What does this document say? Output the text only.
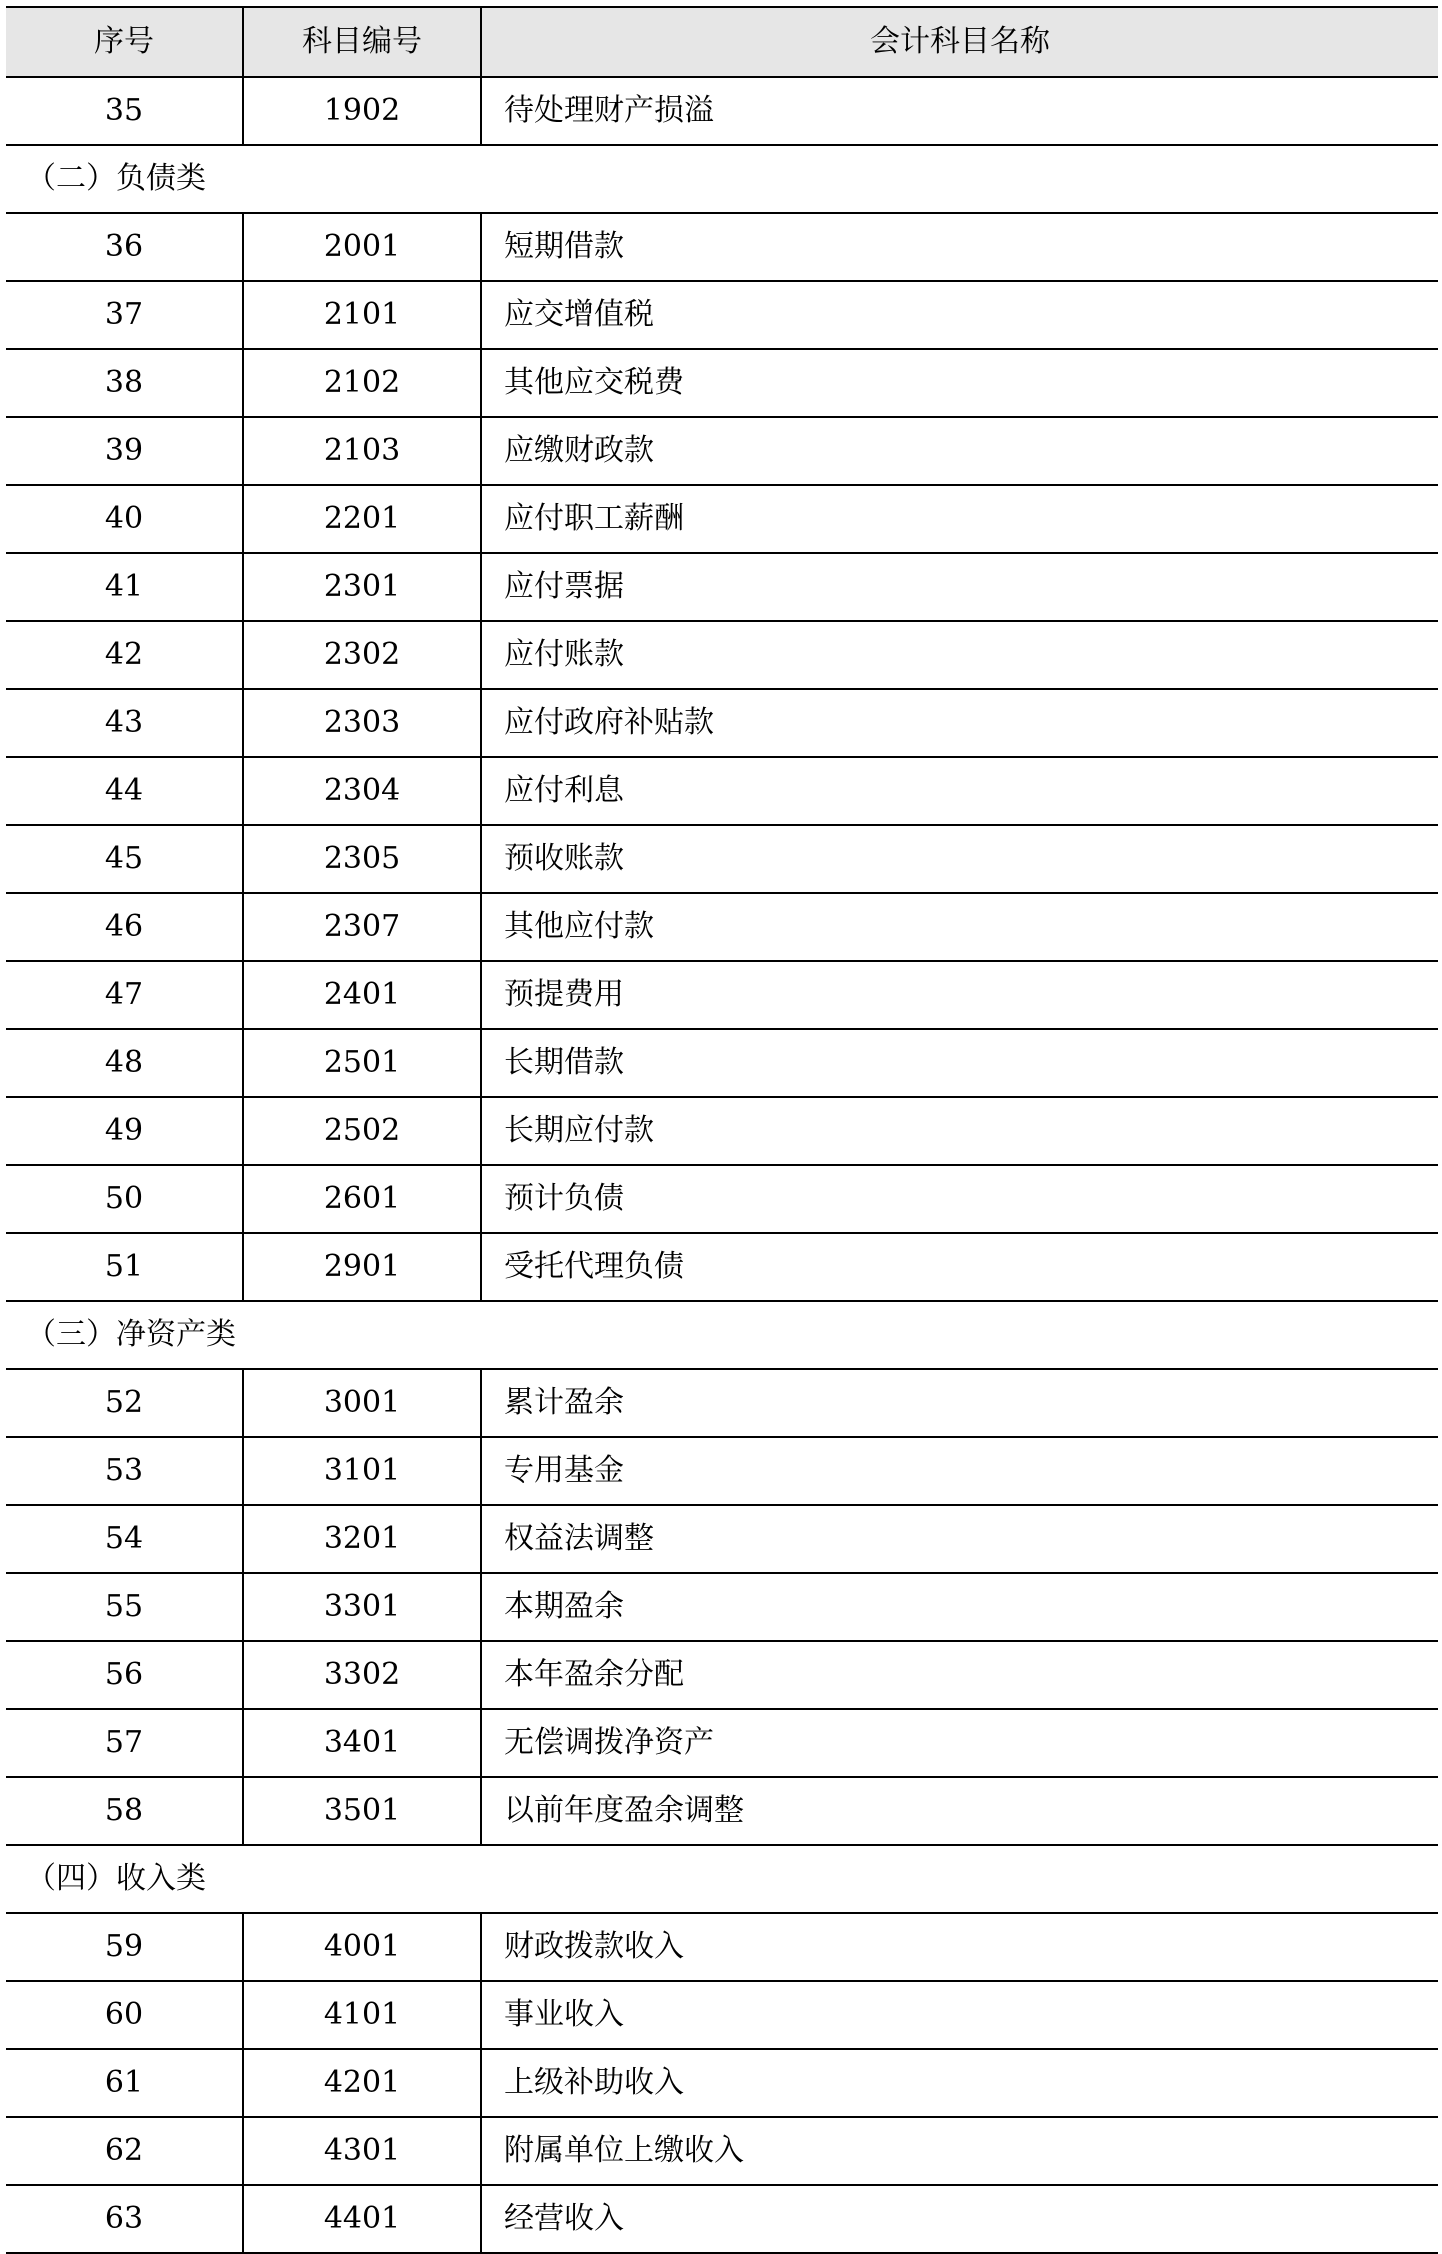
序号	科目编号	会计科目名称
35	1902	待处理财产损溢
（二）负债类		
36	2001	短期借款
37	2101	应交增值税
38	2102	其他应交税费
39	2103	应缴财政款
40	2201	应付职工薪酬
41	2301	应付票据
42	2302	应付账款
43	2303	应付政府补贴款
44	2304	应付利息
45	2305	预收账款
46	2307	其他应付款
47	2401	预提费用
48	2501	长期借款
49	2502	长期应付款
50	2601	预计负债
51	2901	受托代理负债
（三）净资产类		
52	3001	累计盈余
53	3101	专用基金
54	3201	权益法调整
55	3301	本期盈余
56	3302	本年盈余分配
57	3401	无偿调拨净资产
58	3501	以前年度盈余调整
（四）收入类		
59	4001	财政拨款收入
60	4101	事业收入
61	4201	上级补助收入
62	4301	附属单位上缴收入
63	4401	经营收入
